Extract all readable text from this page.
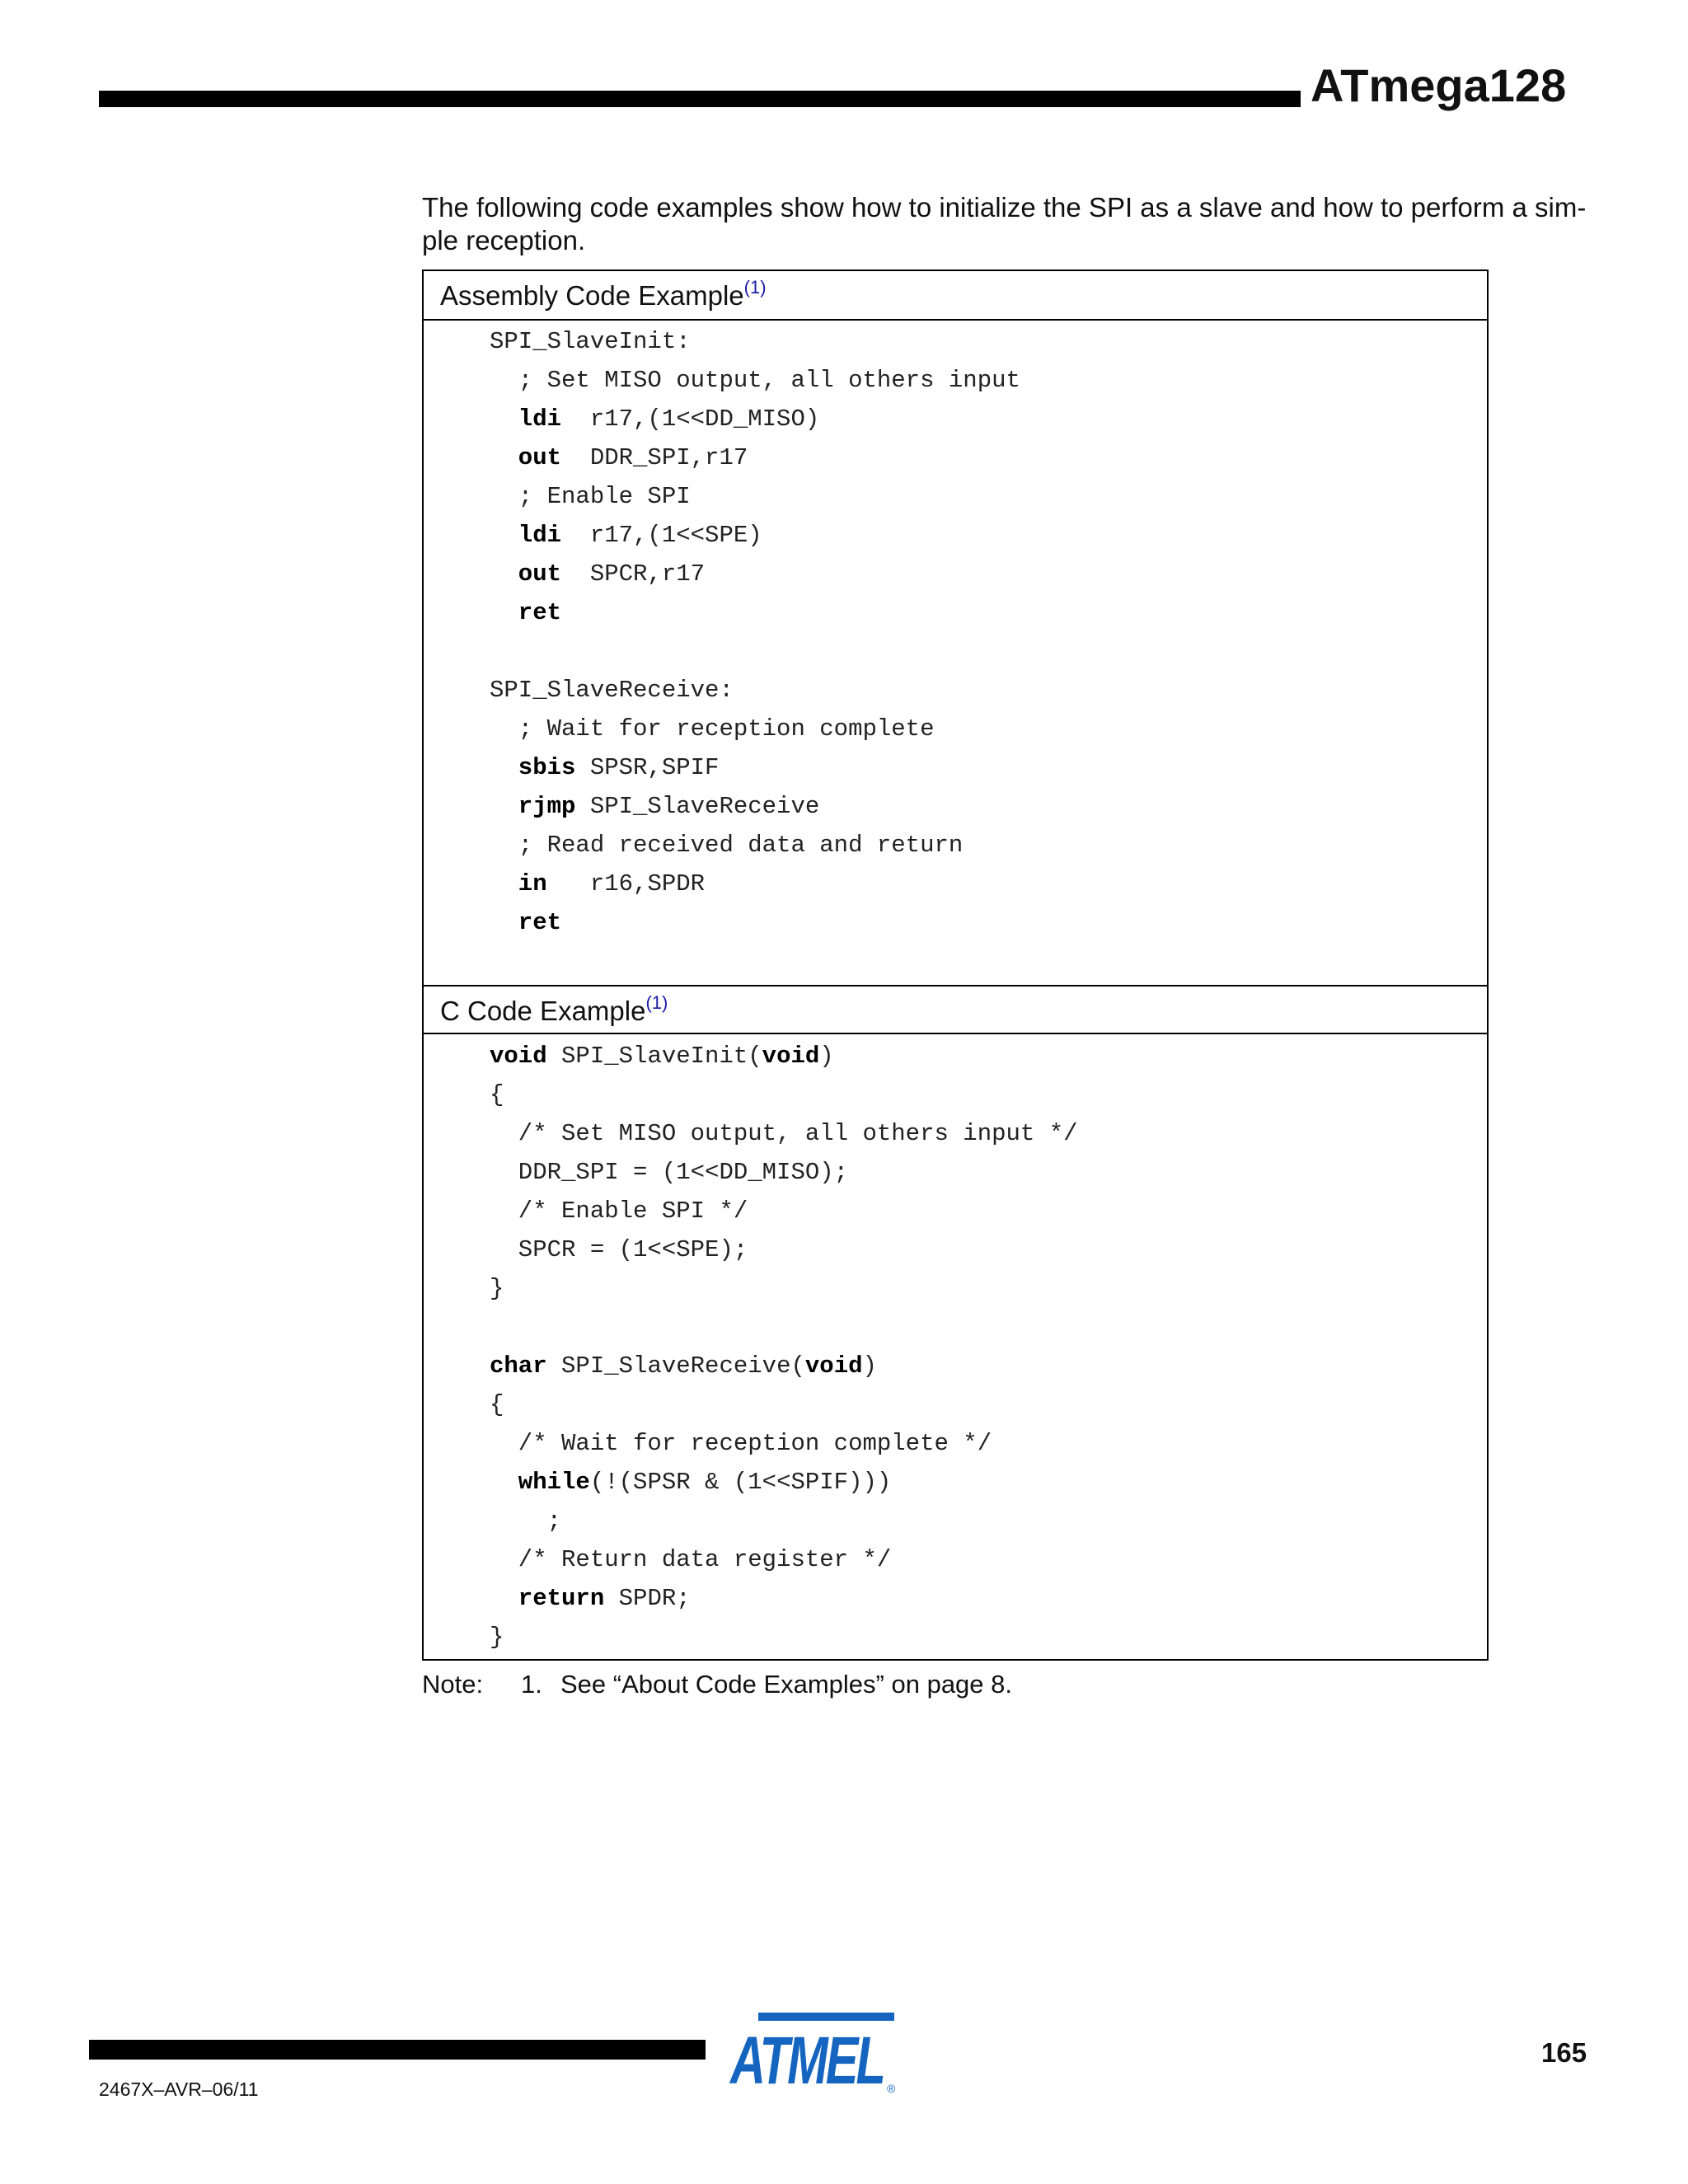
ATmega128
The following code examples show how to initialize the SPI as a slave and how to perform a sim-ple reception.
Assembly Code Example$^{(1)}$
SPI_SlaveInit:
; Set MISO output, all others input
ldi  r17,(1<<DD_MISO)
out  DDR_SPI,r17
; Enable SPI
ldi  r17,(1<<SPE)
out  SPCR,r17
ret
SPI_SlaveReceive:
; Wait for reception complete
sbis SPSR,SPIF
rjmp SPI_SlaveReceive
; Read received data and return
in   r16,SPDR
ret
C Code Example$^{(1)}$
void SPI_SlaveInit(void)
{
/* Set MISO output, all others input */
DDR_SPI = (1<<DD_MISO);
/* Enable SPI */
SPCR = (1<<SPE);
}
char SPI_SlaveReceive(void)
{
/* Wait for reception complete */
while(!(SPSR & (1<<SPIF)))
;
/* Return data register */
return SPDR;
}
Note: 1. See “About Code Examples” on page 8.
2467X–AVR–06/11
165
ATMEL ®
